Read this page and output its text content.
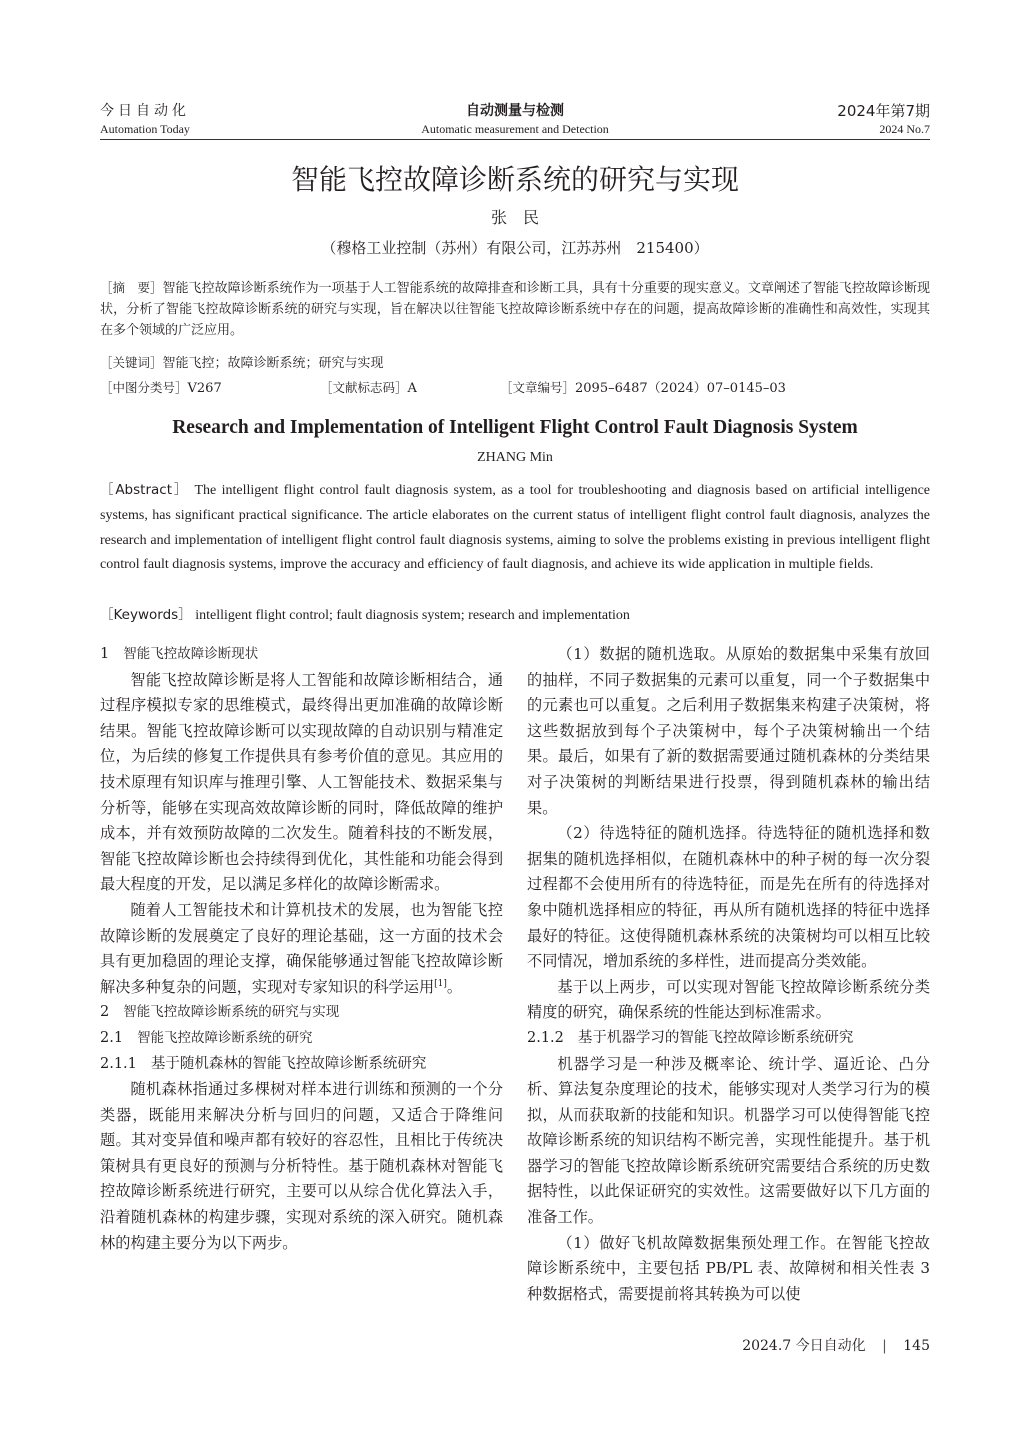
今日自动化
Automation Today
自动测量与检测
Automatic measurement and Detection
2024年第7期
2024 No.7
智能飞控故障诊断系统的研究与实现
张　民
（穆格工业控制（苏州）有限公司，江苏苏州　215400）
［摘　要］智能飞控故障诊断系统作为一项基于人工智能系统的故障排查和诊断工具，具有十分重要的现实意义。文章阐述了智能飞控故障诊断现状，分析了智能飞控故障诊断系统的研究与实现，旨在解决以往智能飞控故障诊断系统中存在的问题，提高故障诊断的准确性和高效性，实现其在多个领域的广泛应用。
［关键词］智能飞控；故障诊断系统；研究与实现
［中图分类号］V267	［文献标志码］A	［文章编号］2095–6487（2024）07–0145–03
Research and Implementation of Intelligent Flight Control Fault Diagnosis System
ZHANG Min
［Abstract］ The intelligent flight control fault diagnosis system, as a tool for troubleshooting and diagnosis based on artificial intelligence systems, has significant practical significance. The article elaborates on the current status of intelligent flight control fault diagnosis, analyzes the research and implementation of intelligent flight control fault diagnosis systems, aiming to solve the problems existing in previous intelligent flight control fault diagnosis systems, improve the accuracy and efficiency of fault diagnosis, and achieve its wide application in multiple fields.
［Keywords］ intelligent flight control; fault diagnosis system; research and implementation
1 智能飞控故障诊断现状

智能飞控故障诊断是将人工智能和故障诊断相结合，通过程序模拟专家的思维模式，最终得出更加准确的故障诊断结果。智能飞控故障诊断可以实现故障的自动识别与精准定位，为后续的修复工作提供具有参考价值的意见。其应用的技术原理有知识库与推理引擎、人工智能技术、数据采集与分析等，能够在实现高效故障诊断的同时，降低故障的维护成本，并有效预防故障的二次发生。随着科技的不断发展，智能飞控故障诊断也会持续得到优化，其性能和功能会得到最大程度的开发，足以满足多样化的故障诊断需求。

随着人工智能技术和计算机技术的发展，也为智能飞控故障诊断的发展奠定了良好的理论基础，这一方面的技术会具有更加稳固的理论支撑，确保能够通过智能飞控故障诊断解决多种复杂的问题，实现对专家知识的科学运用[1]。

2 智能飞控故障诊断系统的研究与实现
2.1 智能飞控故障诊断系统的研究
2.1.1 基于随机森林的智能飞控故障诊断系统研究

随机森林指通过多棵树对样本进行训练和预测的一个分类器，既能用来解决分析与回归的问题，又适合于降维问题。其对变异值和噪声都有较好的容忍性，且相比于传统决策树具有更良好的预测与分析特性。基于随机森林对智能飞控故障诊断系统进行研究，主要可以从综合优化算法入手，沿着随机森林的构建步骤，实现对系统的深入研究。随机森林的构建主要分为以下两步。

（1）数据的随机选取。从原始的数据集中采集有放回的抽样，不同子数据集的元素可以重复，同一个子数据集中的元素也可以重复。之后利用子数据集来构建子决策树，将这些数据放到每个子决策树中，每个子决策树输出一个结果。最后，如果有了新的数据需要通过随机森林的分类结果对子决策树的判断结果进行投票，得到随机森林的输出结果。

（2）待选特征的随机选择。待选特征的随机选择和数据集的随机选择相似，在随机森林中的种子树的每一次分裂过程都不会使用所有的待选特征，而是先在所有的待选择对象中随机选择相应的特征，再从所有随机选择的特征中选择最好的特征。这使得随机森林系统的决策树均可以相互比较不同情况，增加系统的多样性，进而提高分类效能。

基于以上两步，可以实现对智能飞控故障诊断系统分类精度的研究，确保系统的性能达到标准需求。

2.1.2 基于机器学习的智能飞控故障诊断系统研究

机器学习是一种涉及概率论、统计学、逼近论、凸分析、算法复杂度理论的技术，能够实现对人类学习行为的模拟，从而获取新的技能和知识。机器学习可以使得智能飞控故障诊断系统的知识结构不断完善，实现性能提升。基于机器学习的智能飞控故障诊断系统研究需要结合系统的历史数据特性，以此保证研究的实效性。这需要做好以下几方面的准备工作。

（1）做好飞机故障数据集预处理工作。在智能飞控故障诊断系统中，主要包括 PB/PL 表、故障树和相关性表 3 种数据格式，需要提前将其转换为可以使

2024.7 今日自动化 | 145
